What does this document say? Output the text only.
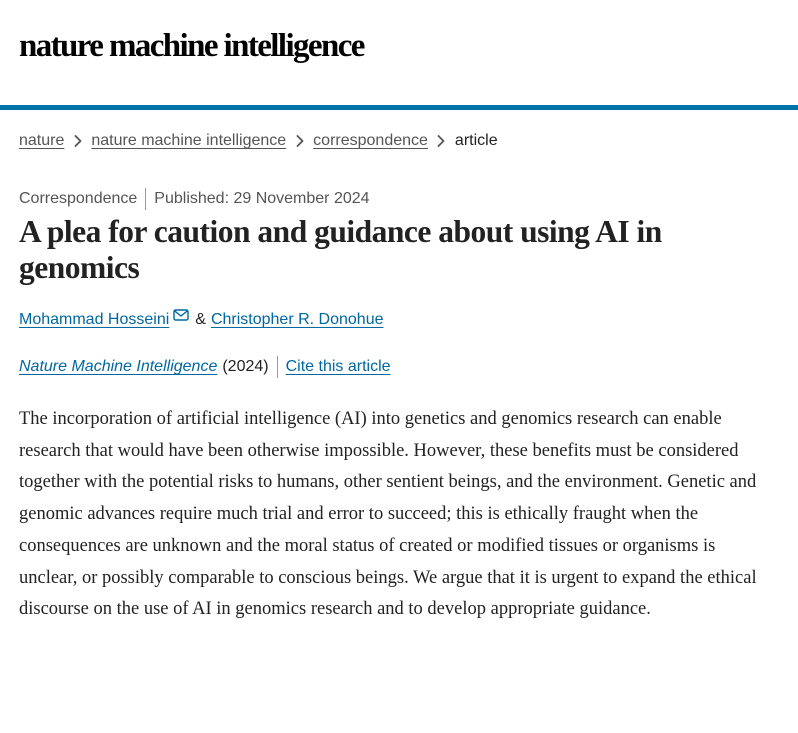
nature machine intelligence
nature nature machine intelligence correspondence article
Correspondence Published: 29 November 2024
A plea for caution and guidance about using AI in genomics
Mohammad Hosseini & Christopher R. Donohue
Nature Machine Intelligence (2024) Cite this article

The incorporation of artificial intelligence (AI) into genetics and genomics research can enable research that would have been otherwise impossible. However, these benefits must be considered together with the potential risks to humans, other sentient beings, and the environment. Genetic and genomic advances require much trial and error to succeed; this is ethically fraught when the consequences are unknown and the moral status of created or modified tissues or organisms is unclear, or possibly comparable to conscious beings. We argue that it is urgent to expand the ethical discourse on the use of AI in genomics research and to develop appropriate guidance.
